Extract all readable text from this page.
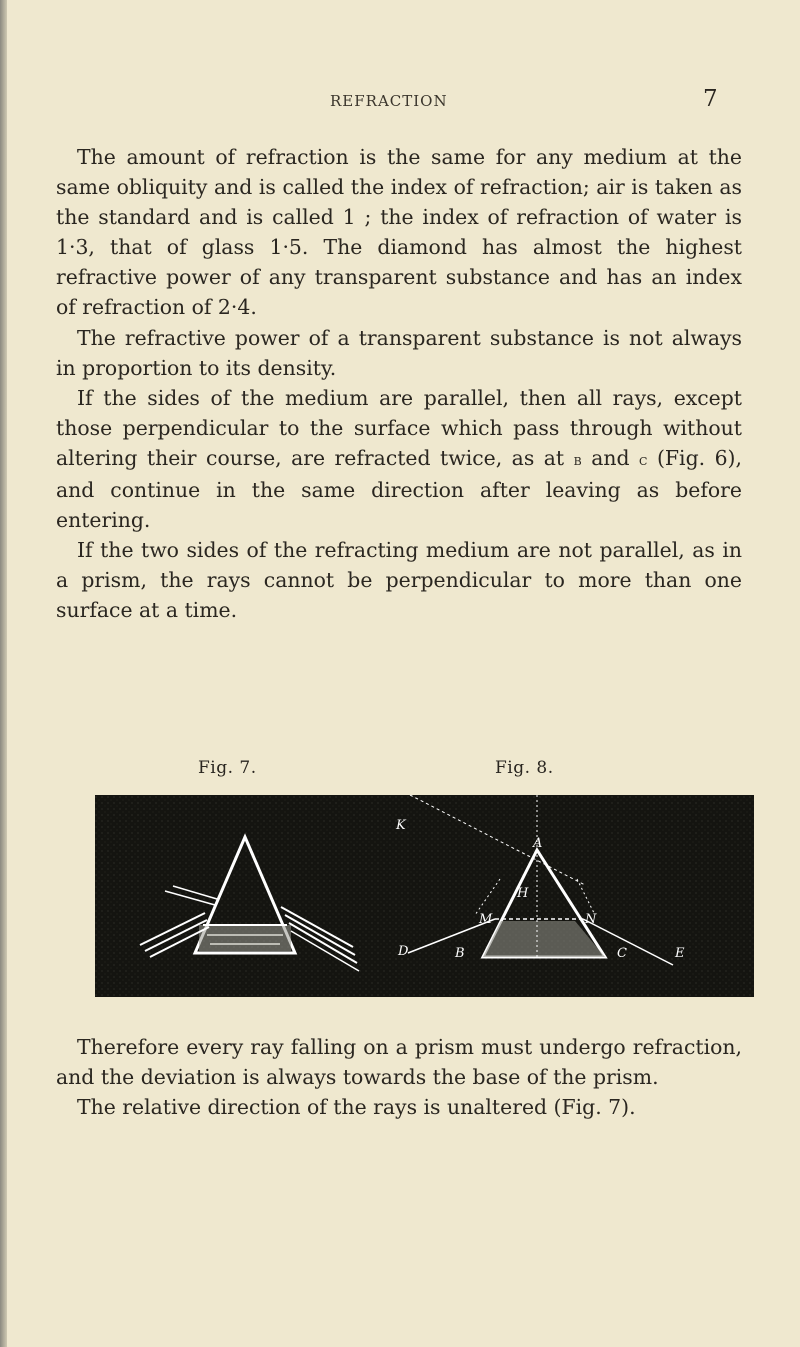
REFRACTION	7

The amount of refraction is the same for any medium at the same obliquity and is called the index of refraction; air is taken as the standard and is called 1 ; the index of refraction of water is 1·3, that of glass 1·5. The diamond has almost the highest refractive power of any transparent substance and has an index of refraction of 2·4.

The refractive power of a transparent substance is not always in proportion to its density.

If the sides of the medium are parallel, then all rays, except those perpendicular to the surface which pass through without altering their course, are refracted twice, as at b and c (Fig. 6), and continue in the same direction after leaving as before entering.

If the two sides of the refracting medium are not parallel, as in a prism, the rays cannot be perpendicular to more than one surface at a time.

Fig. 7.	Fig. 8.
K
A
H
M	N
D	B	C	E

Therefore every ray falling on a prism must undergo refraction, and the deviation is always towards the base of the prism.

The relative direction of the rays is unaltered (Fig. 7).
